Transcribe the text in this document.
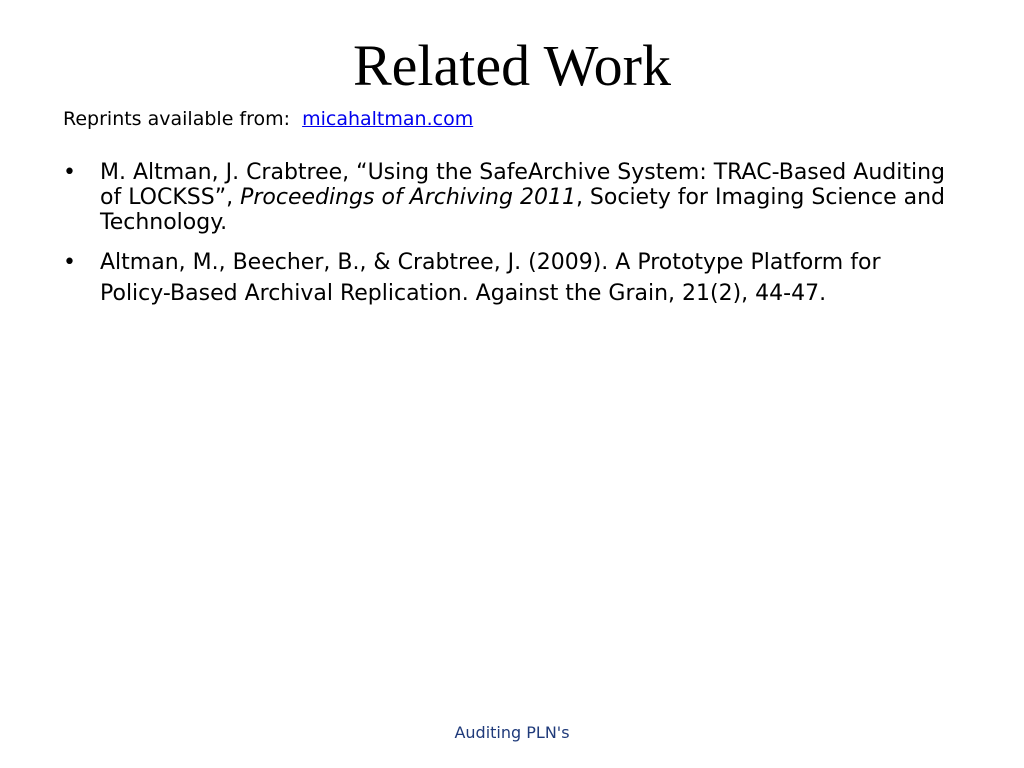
Related Work
Reprints available from: micahaltman.com
• M. Altman, J. Crabtree, “Using the SafeArchive System: TRAC-Based Auditing of LOCKSS”, Proceedings of Archiving 2011, Society for Imaging Science and Technology.
• Altman, M., Beecher, B., & Crabtree, J. (2009). A Prototype Platform for Policy-Based Archival Replication. Against the Grain, 21(2), 44-47.
Auditing PLN's
